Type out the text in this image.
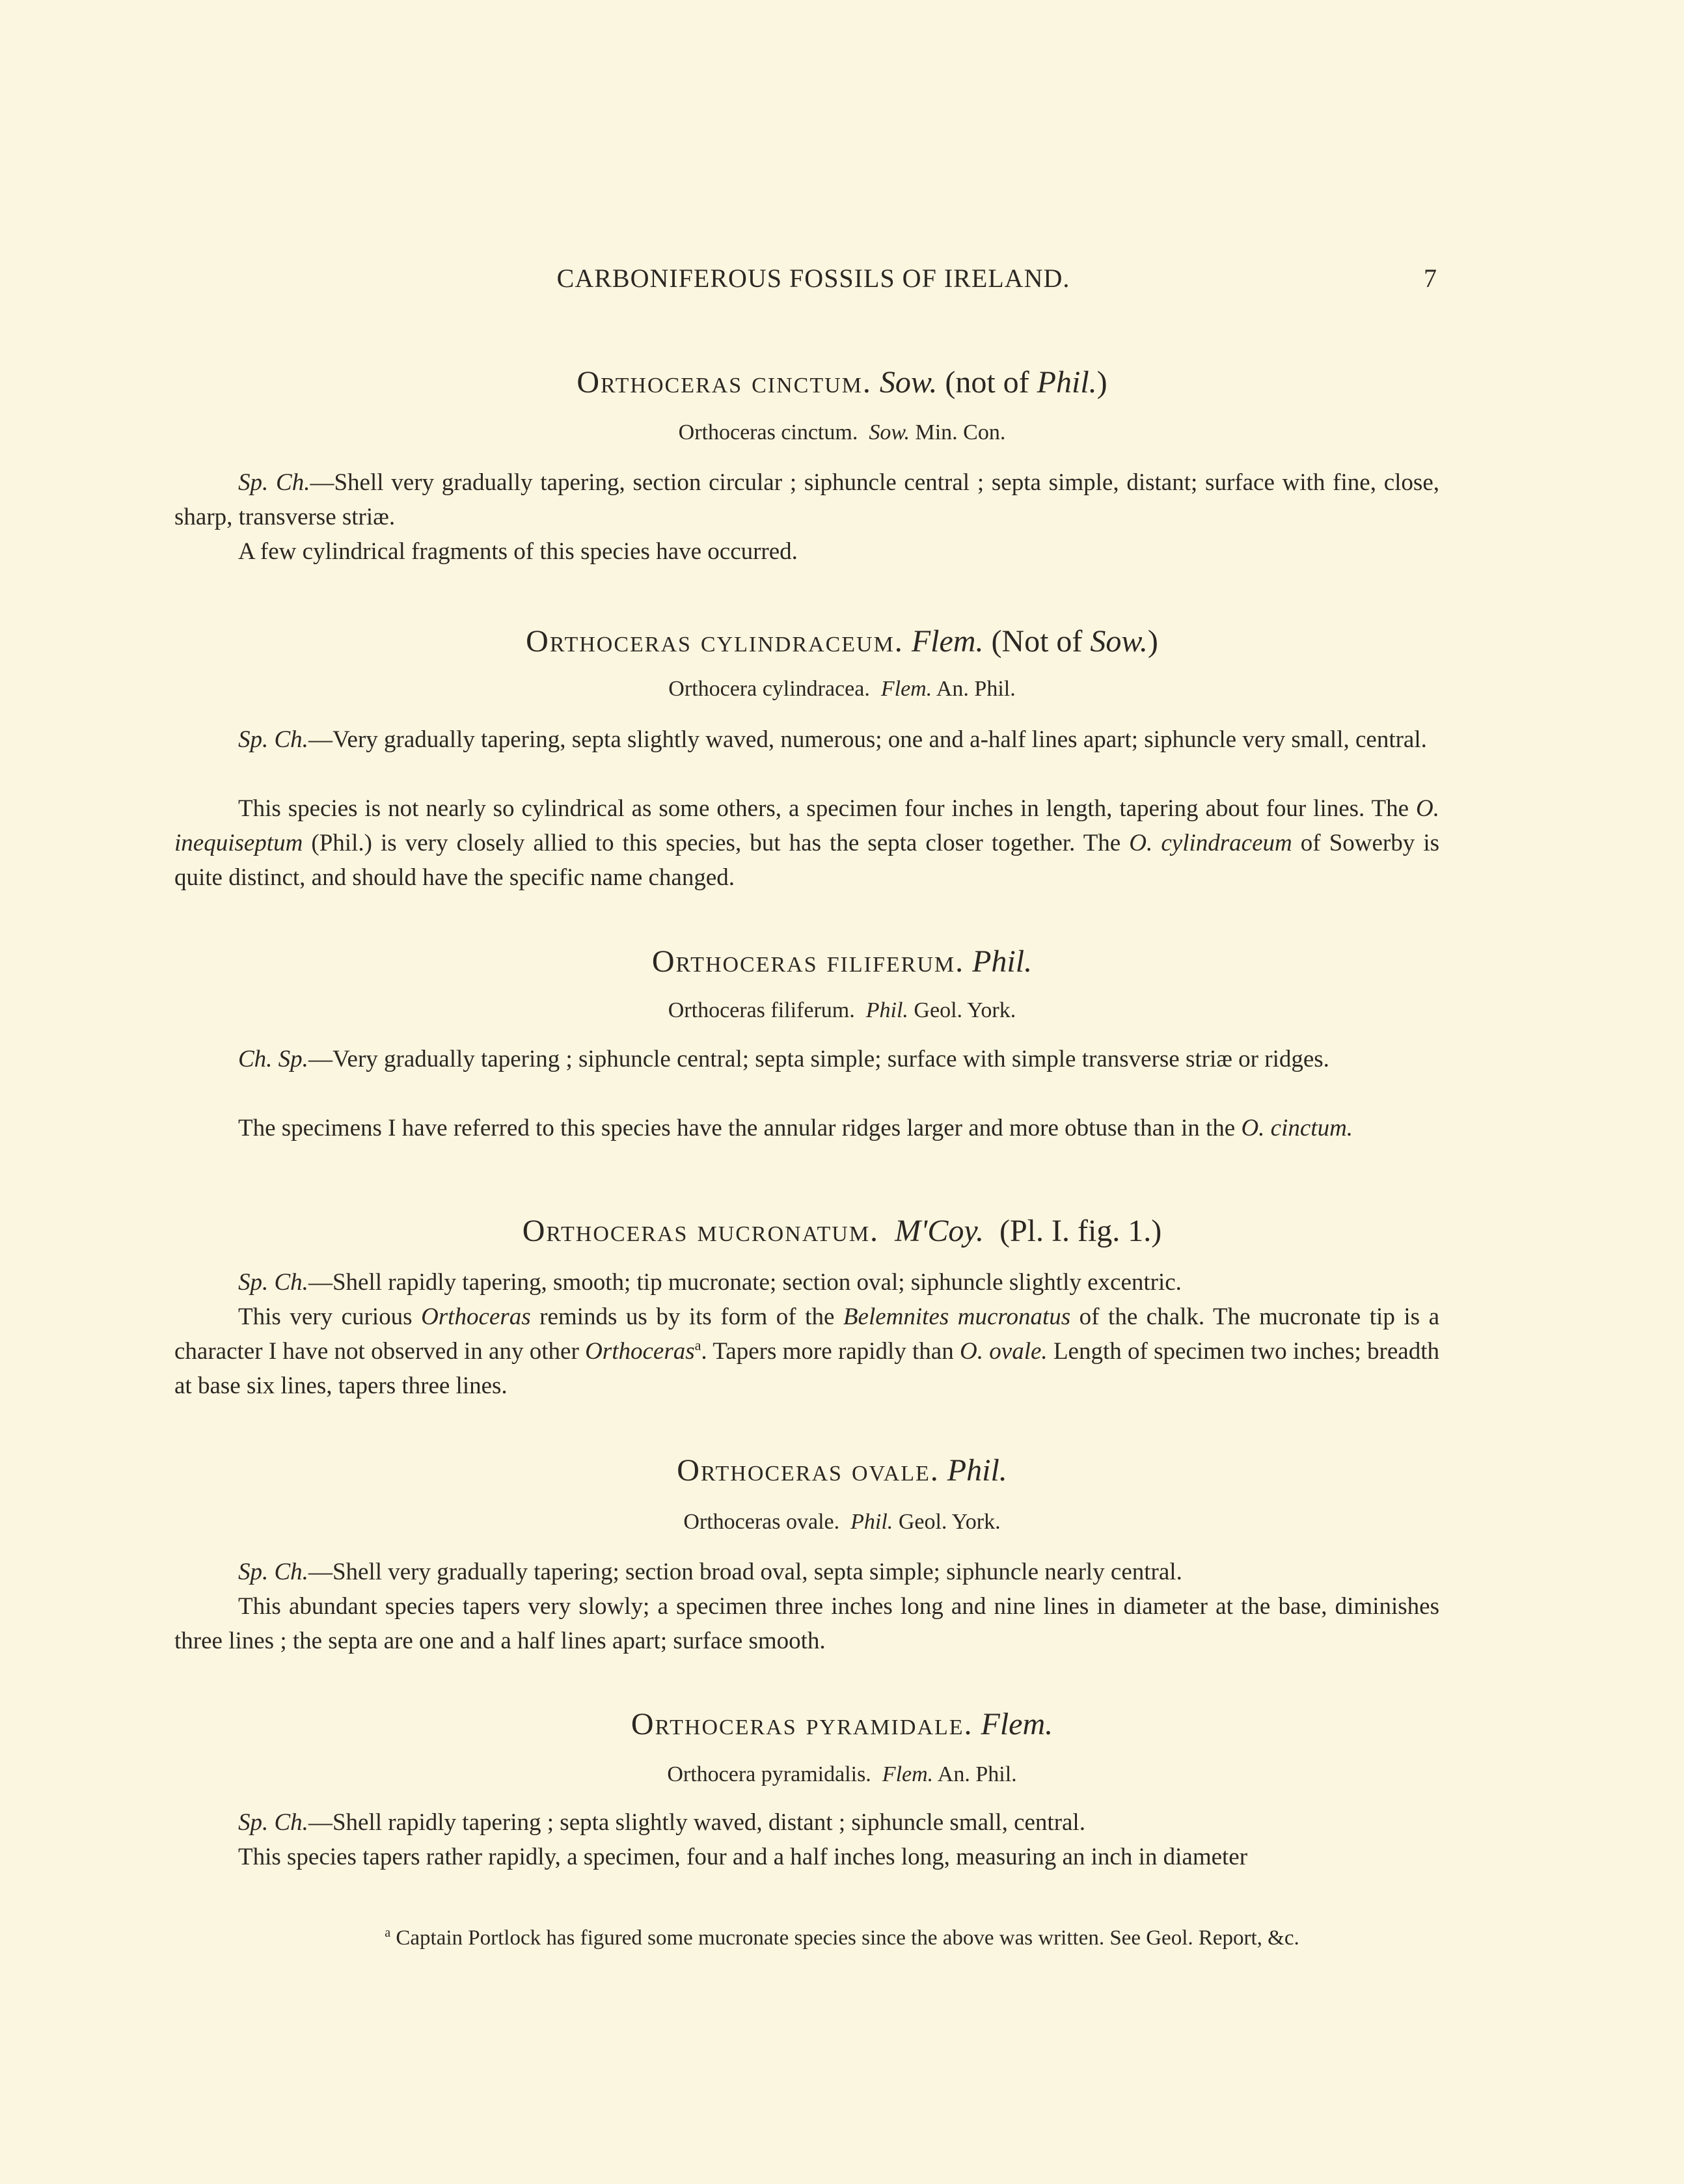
CARBONIFEROUS FOSSILS OF IRELAND.	7
Orthoceras cinctum. Sow. (not of Phil.)
Orthoceras cinctum. Sow. Min. Con.

Sp. Ch.—Shell very gradually tapering, section circular ; siphuncle central ; septa simple, distant; surface with fine, close, sharp, transverse striæ.

A few cylindrical fragments of this species have occurred.

Orthoceras cylindraceum. Flem. (Not of Sow.)
Orthocera cylindracea. Flem. An. Phil.

Sp. Ch.—Very gradually tapering, septa slightly waved, numerous; one and a-half lines apart; siphuncle very small, central.

This species is not nearly so cylindrical as some others, a specimen four inches in length, tapering about four lines. The O. inequiseptum (Phil.) is very closely allied to this species, but has the septa closer together. The O. cylindraceum of Sowerby is quite distinct, and should have the specific name changed.

Orthoceras filiferum. Phil.
Orthoceras filiferum. Phil. Geol. York.

Ch. Sp.—Very gradually tapering ; siphuncle central; septa simple; surface with simple transverse striæ or ridges.

The specimens I have referred to this species have the annular ridges larger and more obtuse than in the O. cinctum.

Orthoceras mucronatum. M'Coy. (Pl. I. fig. 1.)

Sp. Ch.—Shell rapidly tapering, smooth; tip mucronate; section oval; siphuncle slightly excentric.

This very curious Orthoceras reminds us by its form of the Belemnites mucronatus of the chalk. The mucronate tip is a character I have not observed in any other Orthoceras$^a$. Tapers more rapidly than O. ovale. Length of specimen two inches; breadth at base six lines, tapers three lines.

Orthoceras ovale. Phil.
Orthoceras ovale. Phil. Geol. York.

Sp. Ch.—Shell very gradually tapering; section broad oval, septa simple; siphuncle nearly central.

This abundant species tapers very slowly; a specimen three inches long and nine lines in diameter at the base, diminishes three lines ; the septa are one and a half lines apart; surface smooth.

Orthoceras pyramidale. Flem.
Orthocera pyramidalis. Flem. An. Phil.

Sp. Ch.—Shell rapidly tapering ; septa slightly waved, distant ; siphuncle small, central.

This species tapers rather rapidly, a specimen, four and a half inches long, measuring an inch in diameter

$^a$ Captain Portlock has figured some mucronate species since the above was written. See Geol. Report, &c.
